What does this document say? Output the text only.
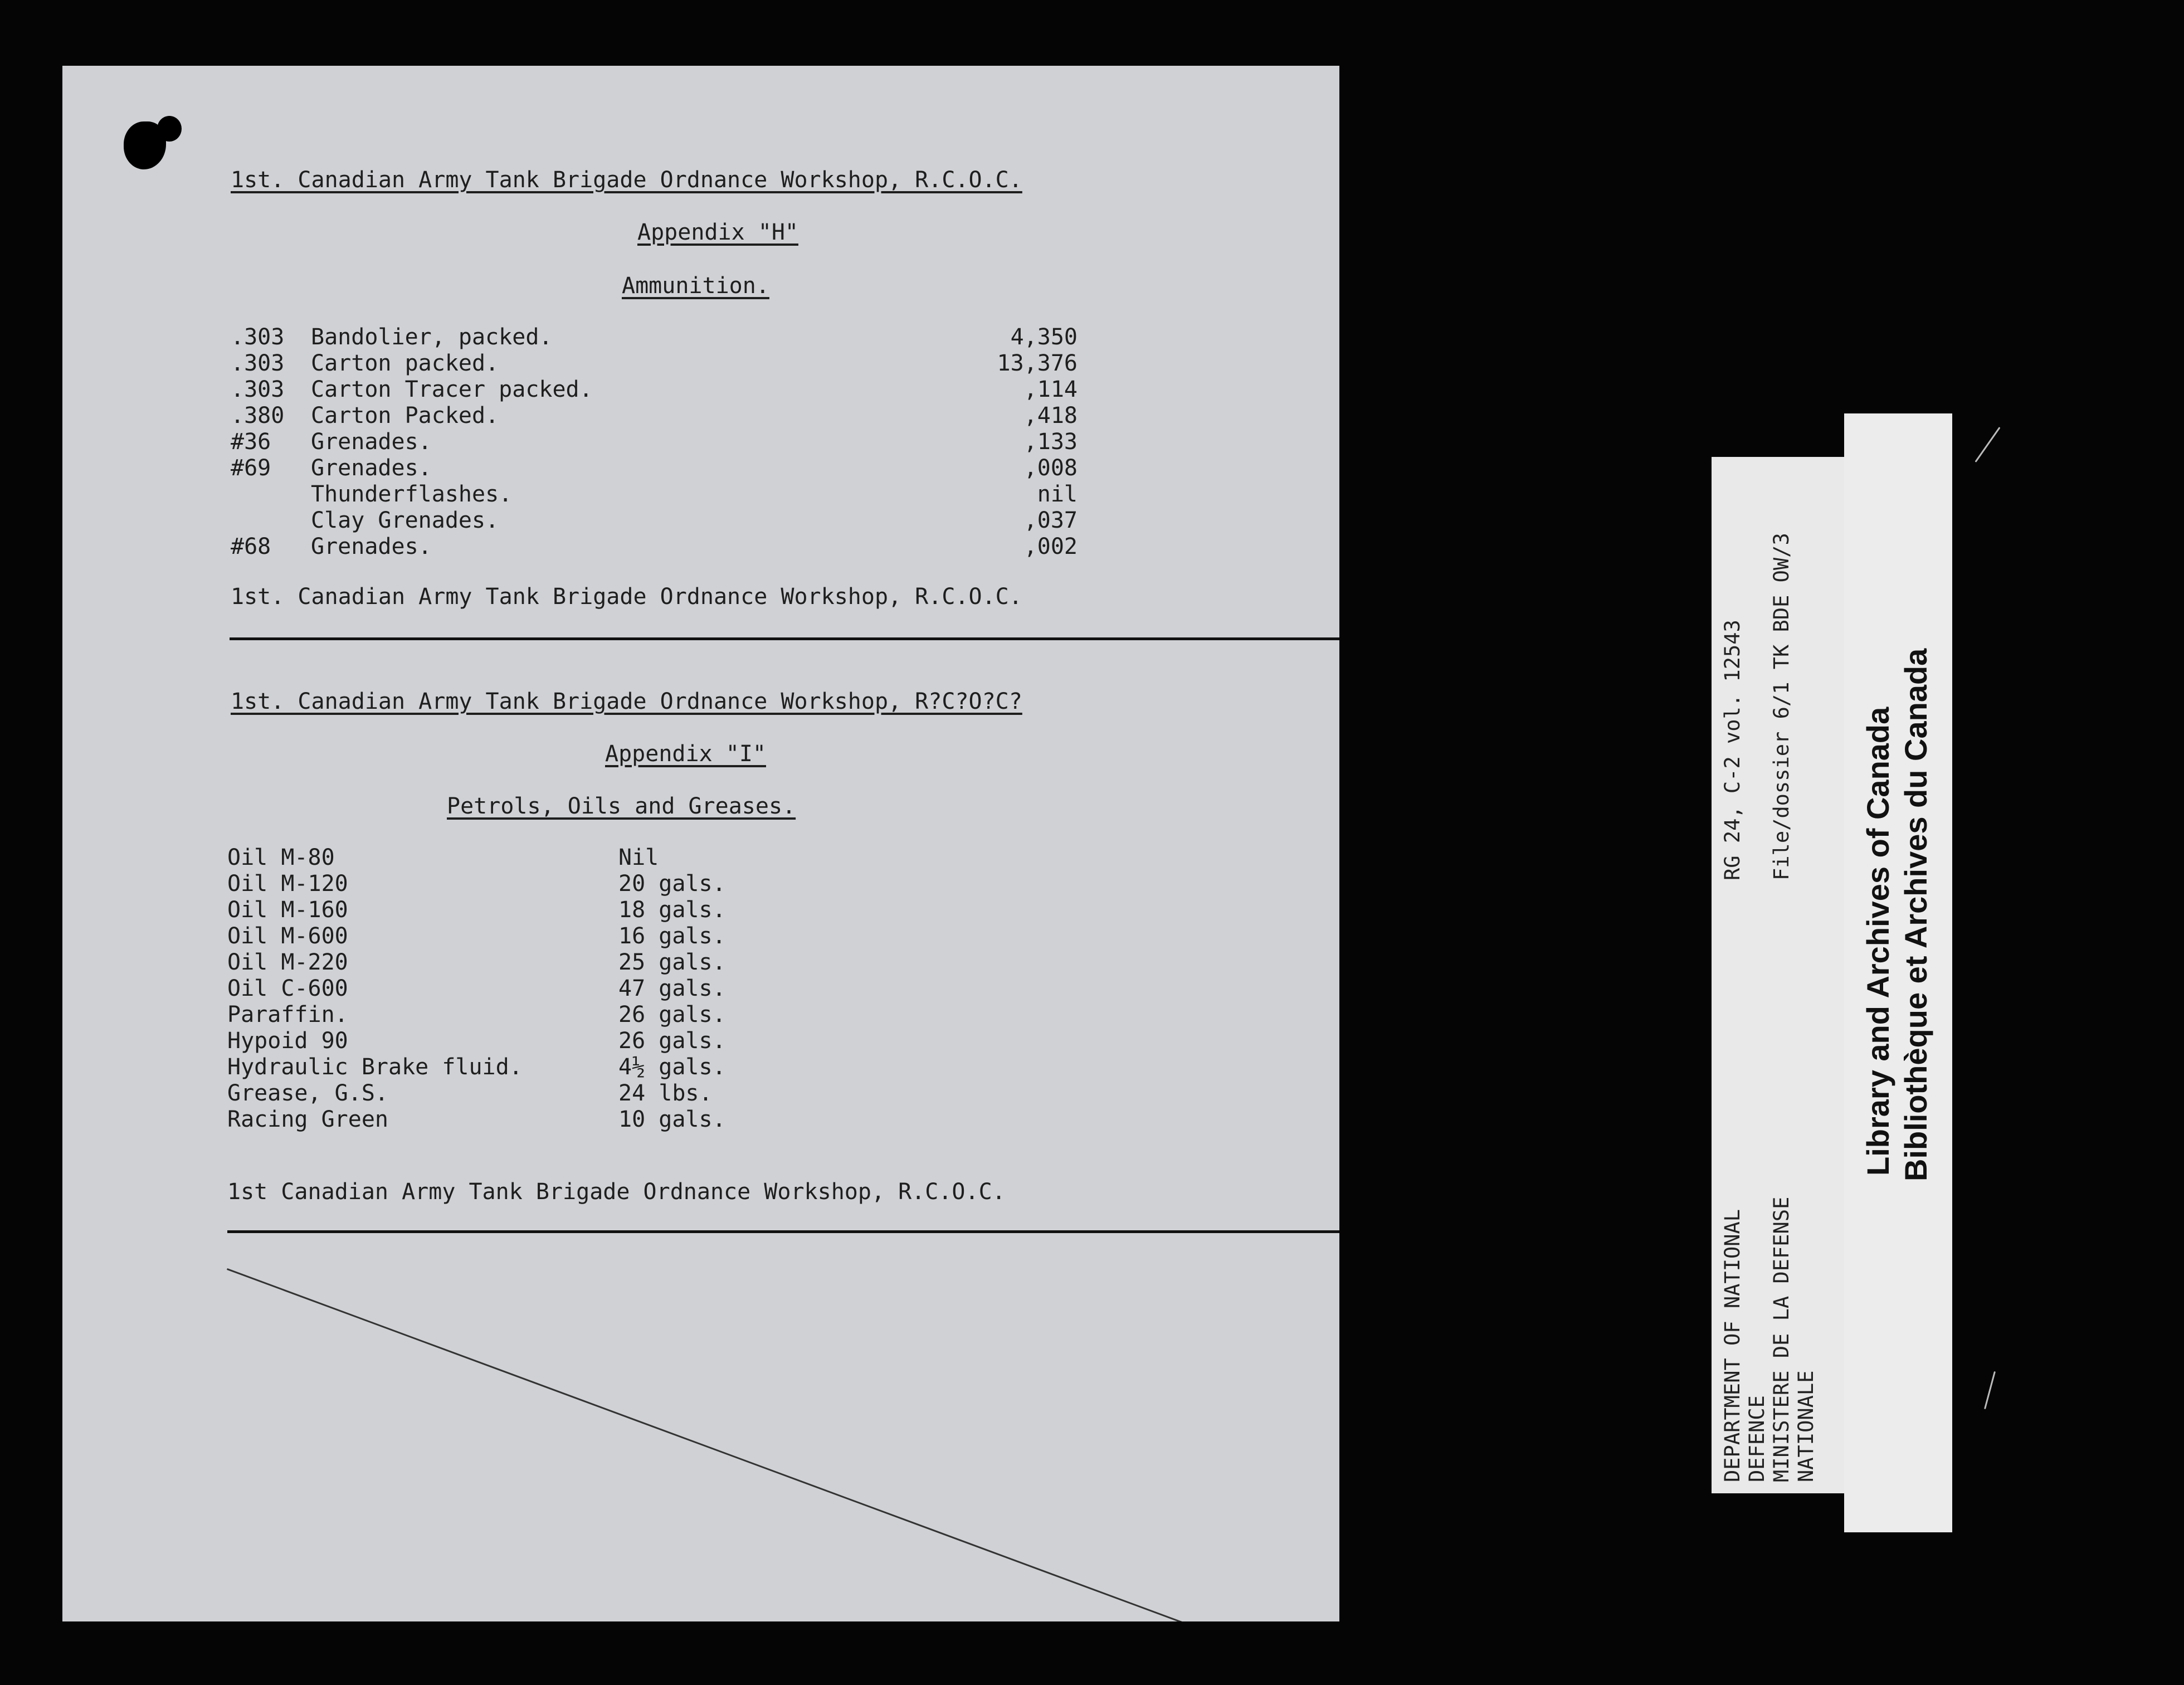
1st. Canadian Army Tank Brigade Ordnance Workshop, R.C.O.C.
Appendix "H"
Ammunition.
.303 Bandolier, packed.	4,350
.303 Carton packed.	13,376
.303 Carton Tracer packed.	,114
.380 Carton Packed.	,418
#36 Grenades.	,133
#69 Grenades.	,008
Thunderflashes.	nil
Clay Grenades.	,037
#68 Grenades.	,002
1st. Canadian Army Tank Brigade Ordnance Workshop, R.C.O.C.
1st. Canadian Army Tank Brigade Ordnance Workshop, R?C?O?C?
Appendix "I"
Petrols, Oils and Greases.
Oil M-80	Nil
Oil M-120	20 gals.
Oil M-160	18 gals.
Oil M-600	16 gals.
Oil M-220	25 gals.
Oil C-600	47 gals.
Paraffin.	26 gals.
Hypoid 90	26 gals.
Hydraulic Brake fluid.	4½ gals.
Grease, G.S.	24 lbs.
Racing Green	10 gals.
1st Canadian Army Tank Brigade Ordnance Workshop, R.C.O.C.
DEPARTMENT OF NATIONAL DEFENCE MINISTERE DE LA DEFENSE NATIONALE
RG 24, C-2 vol. 12543 File/dossier 6/1 TK BDE OW/3
Library and Archives of Canada Bibliothèque et Archives du Canada
